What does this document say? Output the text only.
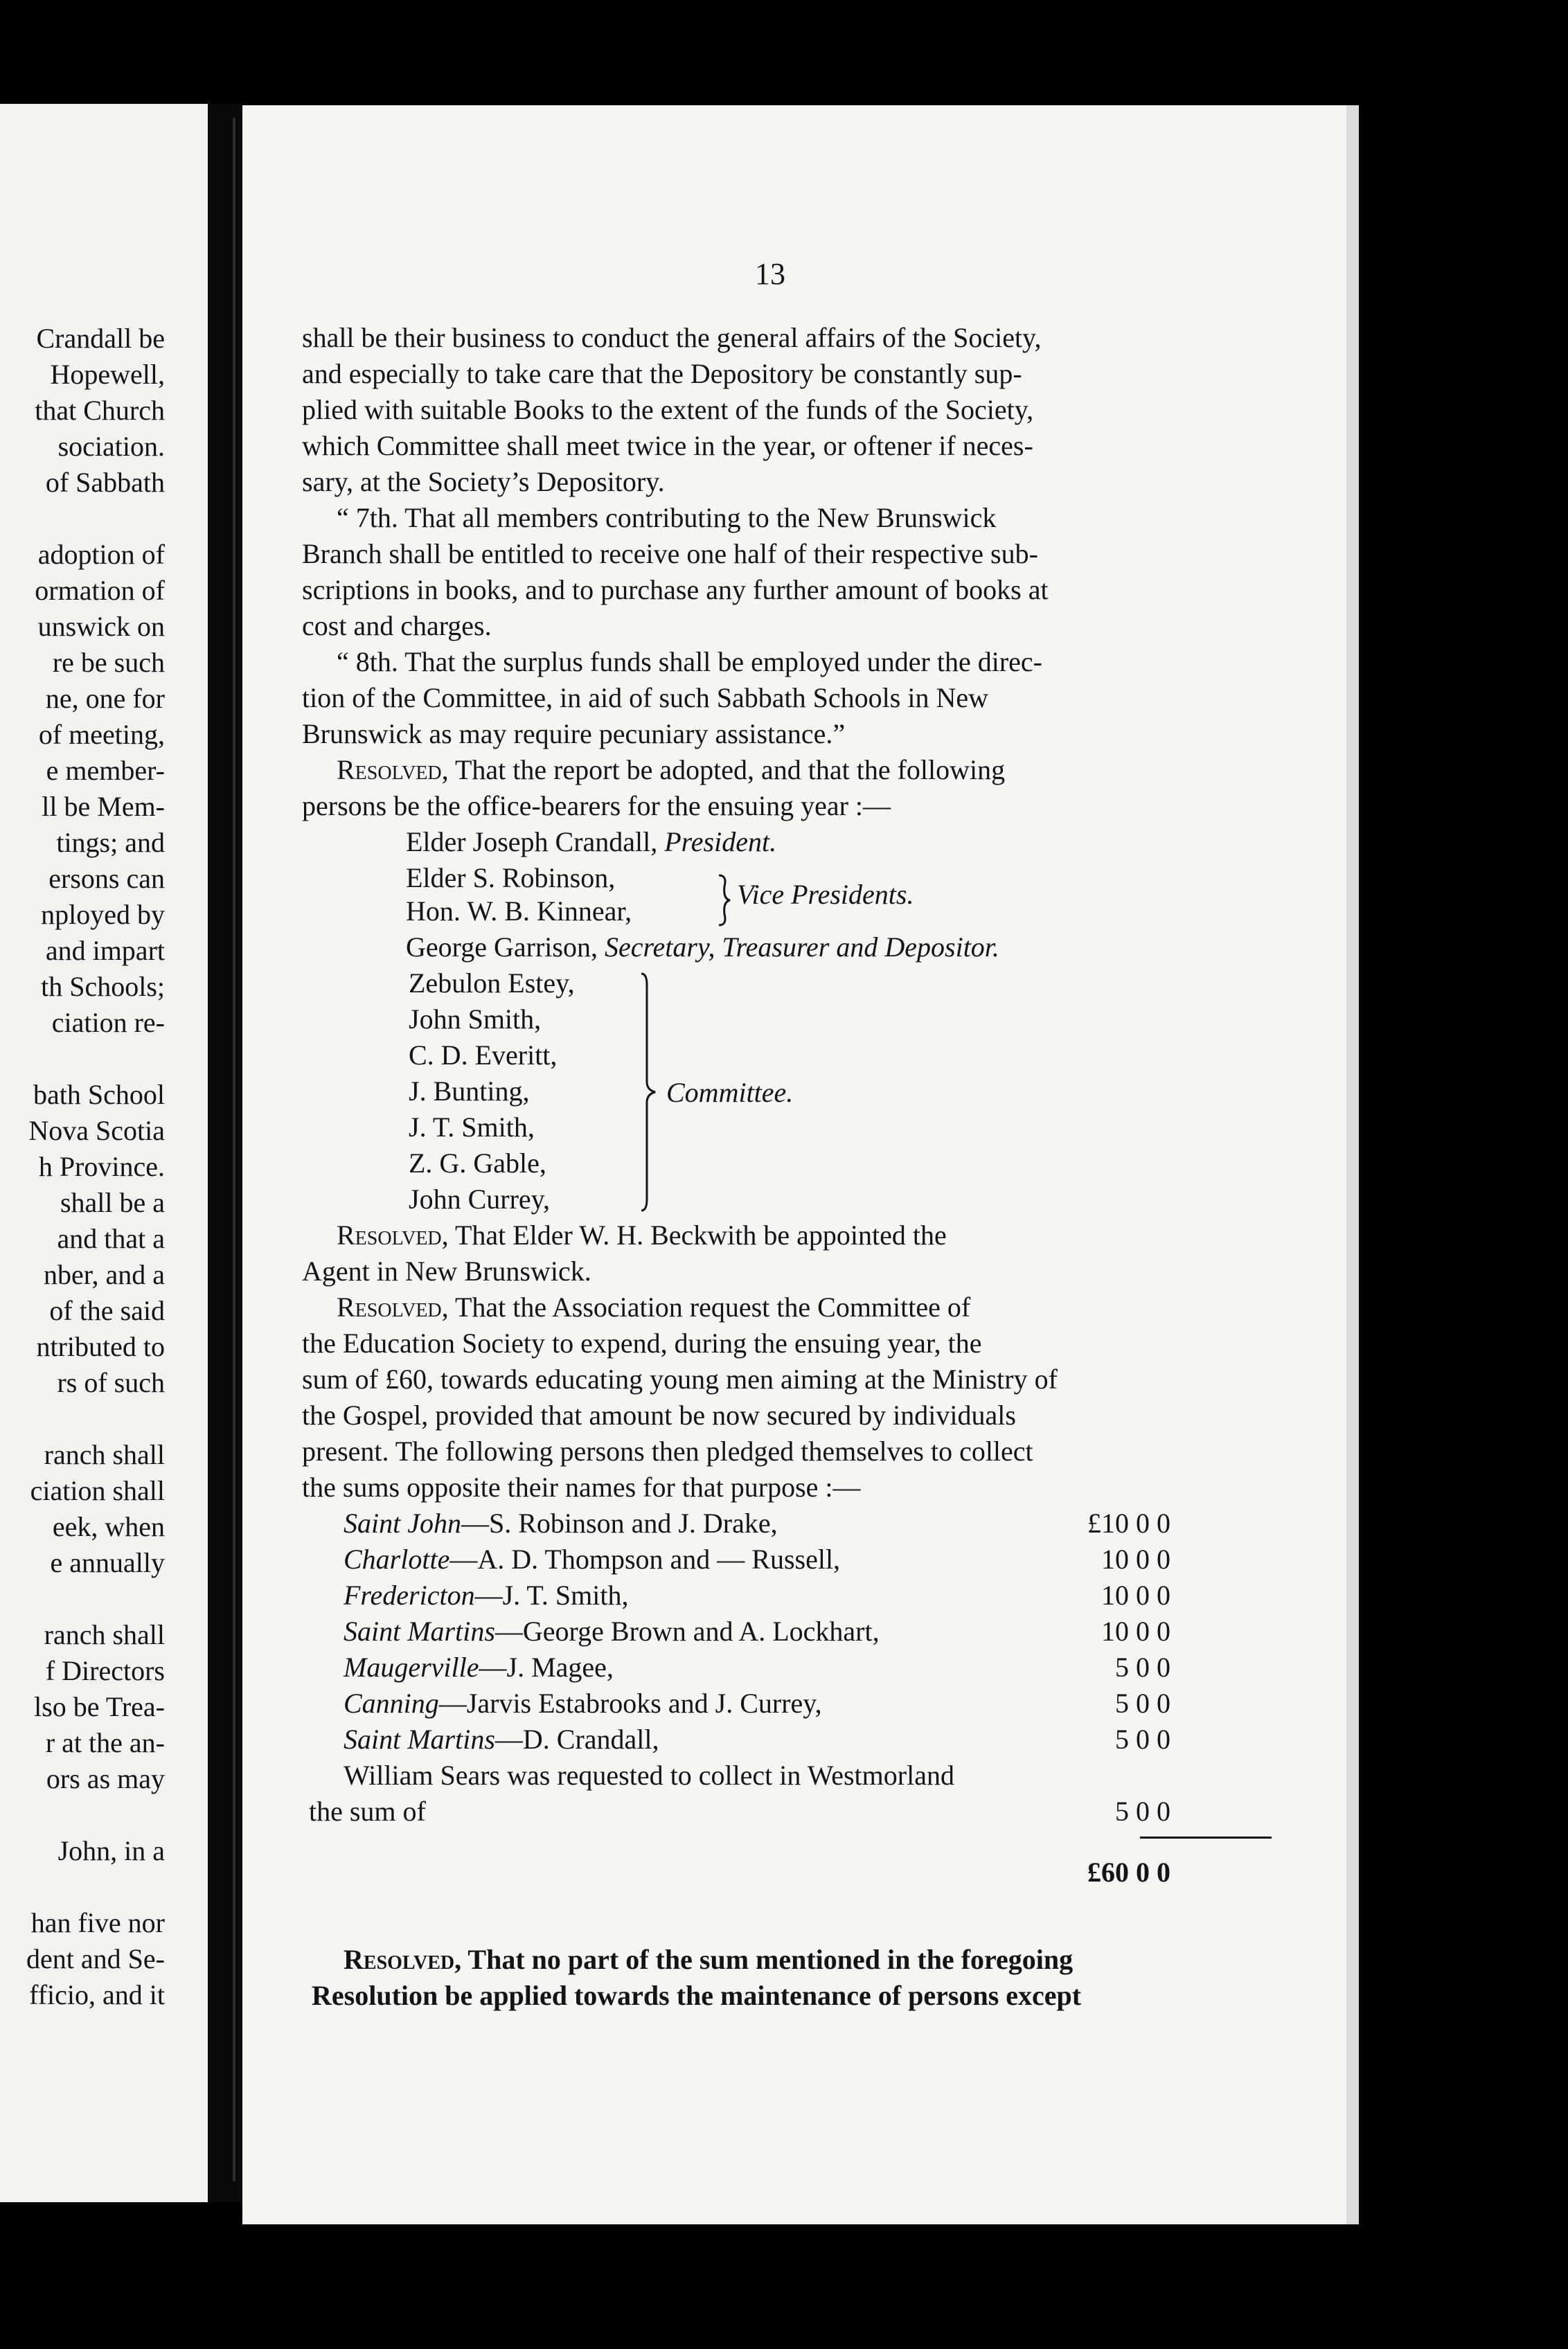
Crandall be
Hopewell,
that Church
sociation.
of Sabbath
adoption of
ormation of
unswick on
re be such
ne, one for
of meeting,
e member-
ll be Mem-
tings; and
ersons can
nployed by
and impart
th Schools;
ciation re-
bath School
Nova Scotia
h Province.
shall be a
and that a
nber, and a
of the said
ntributed to
rs of such
ranch shall
ciation shall
eek, when
e annually
ranch shall
f Directors
lso be Trea-
r at the an-
ors as may
John, in a
han five nor
dent and Se-
fficio, and it
13
shall be their business to conduct the general affairs of the Society,
and especially to take care that the Depository be constantly sup-
plied with suitable Books to the extent of the funds of the Society,
which Committee shall meet twice in the year, or oftener if neces-
sary, at the Society’s Depository.
“ 7th. That all members contributing to the New Brunswick
Branch shall be entitled to receive one half of their respective sub-
scriptions in books, and to purchase any further amount of books at
cost and charges.
“ 8th. That the surplus funds shall be employed under the direc-
tion of the Committee, in aid of such Sabbath Schools in New
Brunswick as may require pecuniary assistance.”
Resolved, That the report be adopted, and that the following
persons be the office-bearers for the ensuing year :—
Elder Joseph Crandall, President.
Elder S. Robinson,
Hon. W. B. Kinnear,
Vice Presidents.
George Garrison, Secretary, Treasurer and Depositor.
Zebulon Estey,
John Smith,
C. D. Everitt,
J. Bunting,
J. T. Smith,
Z. G. Gable,
John Currey,
Committee.
Resolved, That Elder W. H. Beckwith be appointed the
Agent in New Brunswick.
Resolved, That the Association request the Committee of
the Education Society to expend, during the ensuing year, the
sum of £60, towards educating young men aiming at the Ministry of
the Gospel, provided that amount be now secured by individuals
present. The following persons then pledged themselves to collect
the sums opposite their names for that purpose :—
Saint John—S. Robinson and J. Drake,	£10 0 0
Charlotte—A. D. Thompson and — Russell,	10 0 0
Fredericton—J. T. Smith,	10 0 0
Saint Martins—George Brown and A. Lockhart,	10 0 0
Maugerville—J. Magee,	5 0 0
Canning—Jarvis Estabrooks and J. Currey,	5 0 0
Saint Martins—D. Crandall,	5 0 0
William Sears was requested to collect in Westmorland
the sum of	5 0 0
£60 0 0
Resolved, That no part of the sum mentioned in the foregoing
Resolution be applied towards the maintenance of persons except
